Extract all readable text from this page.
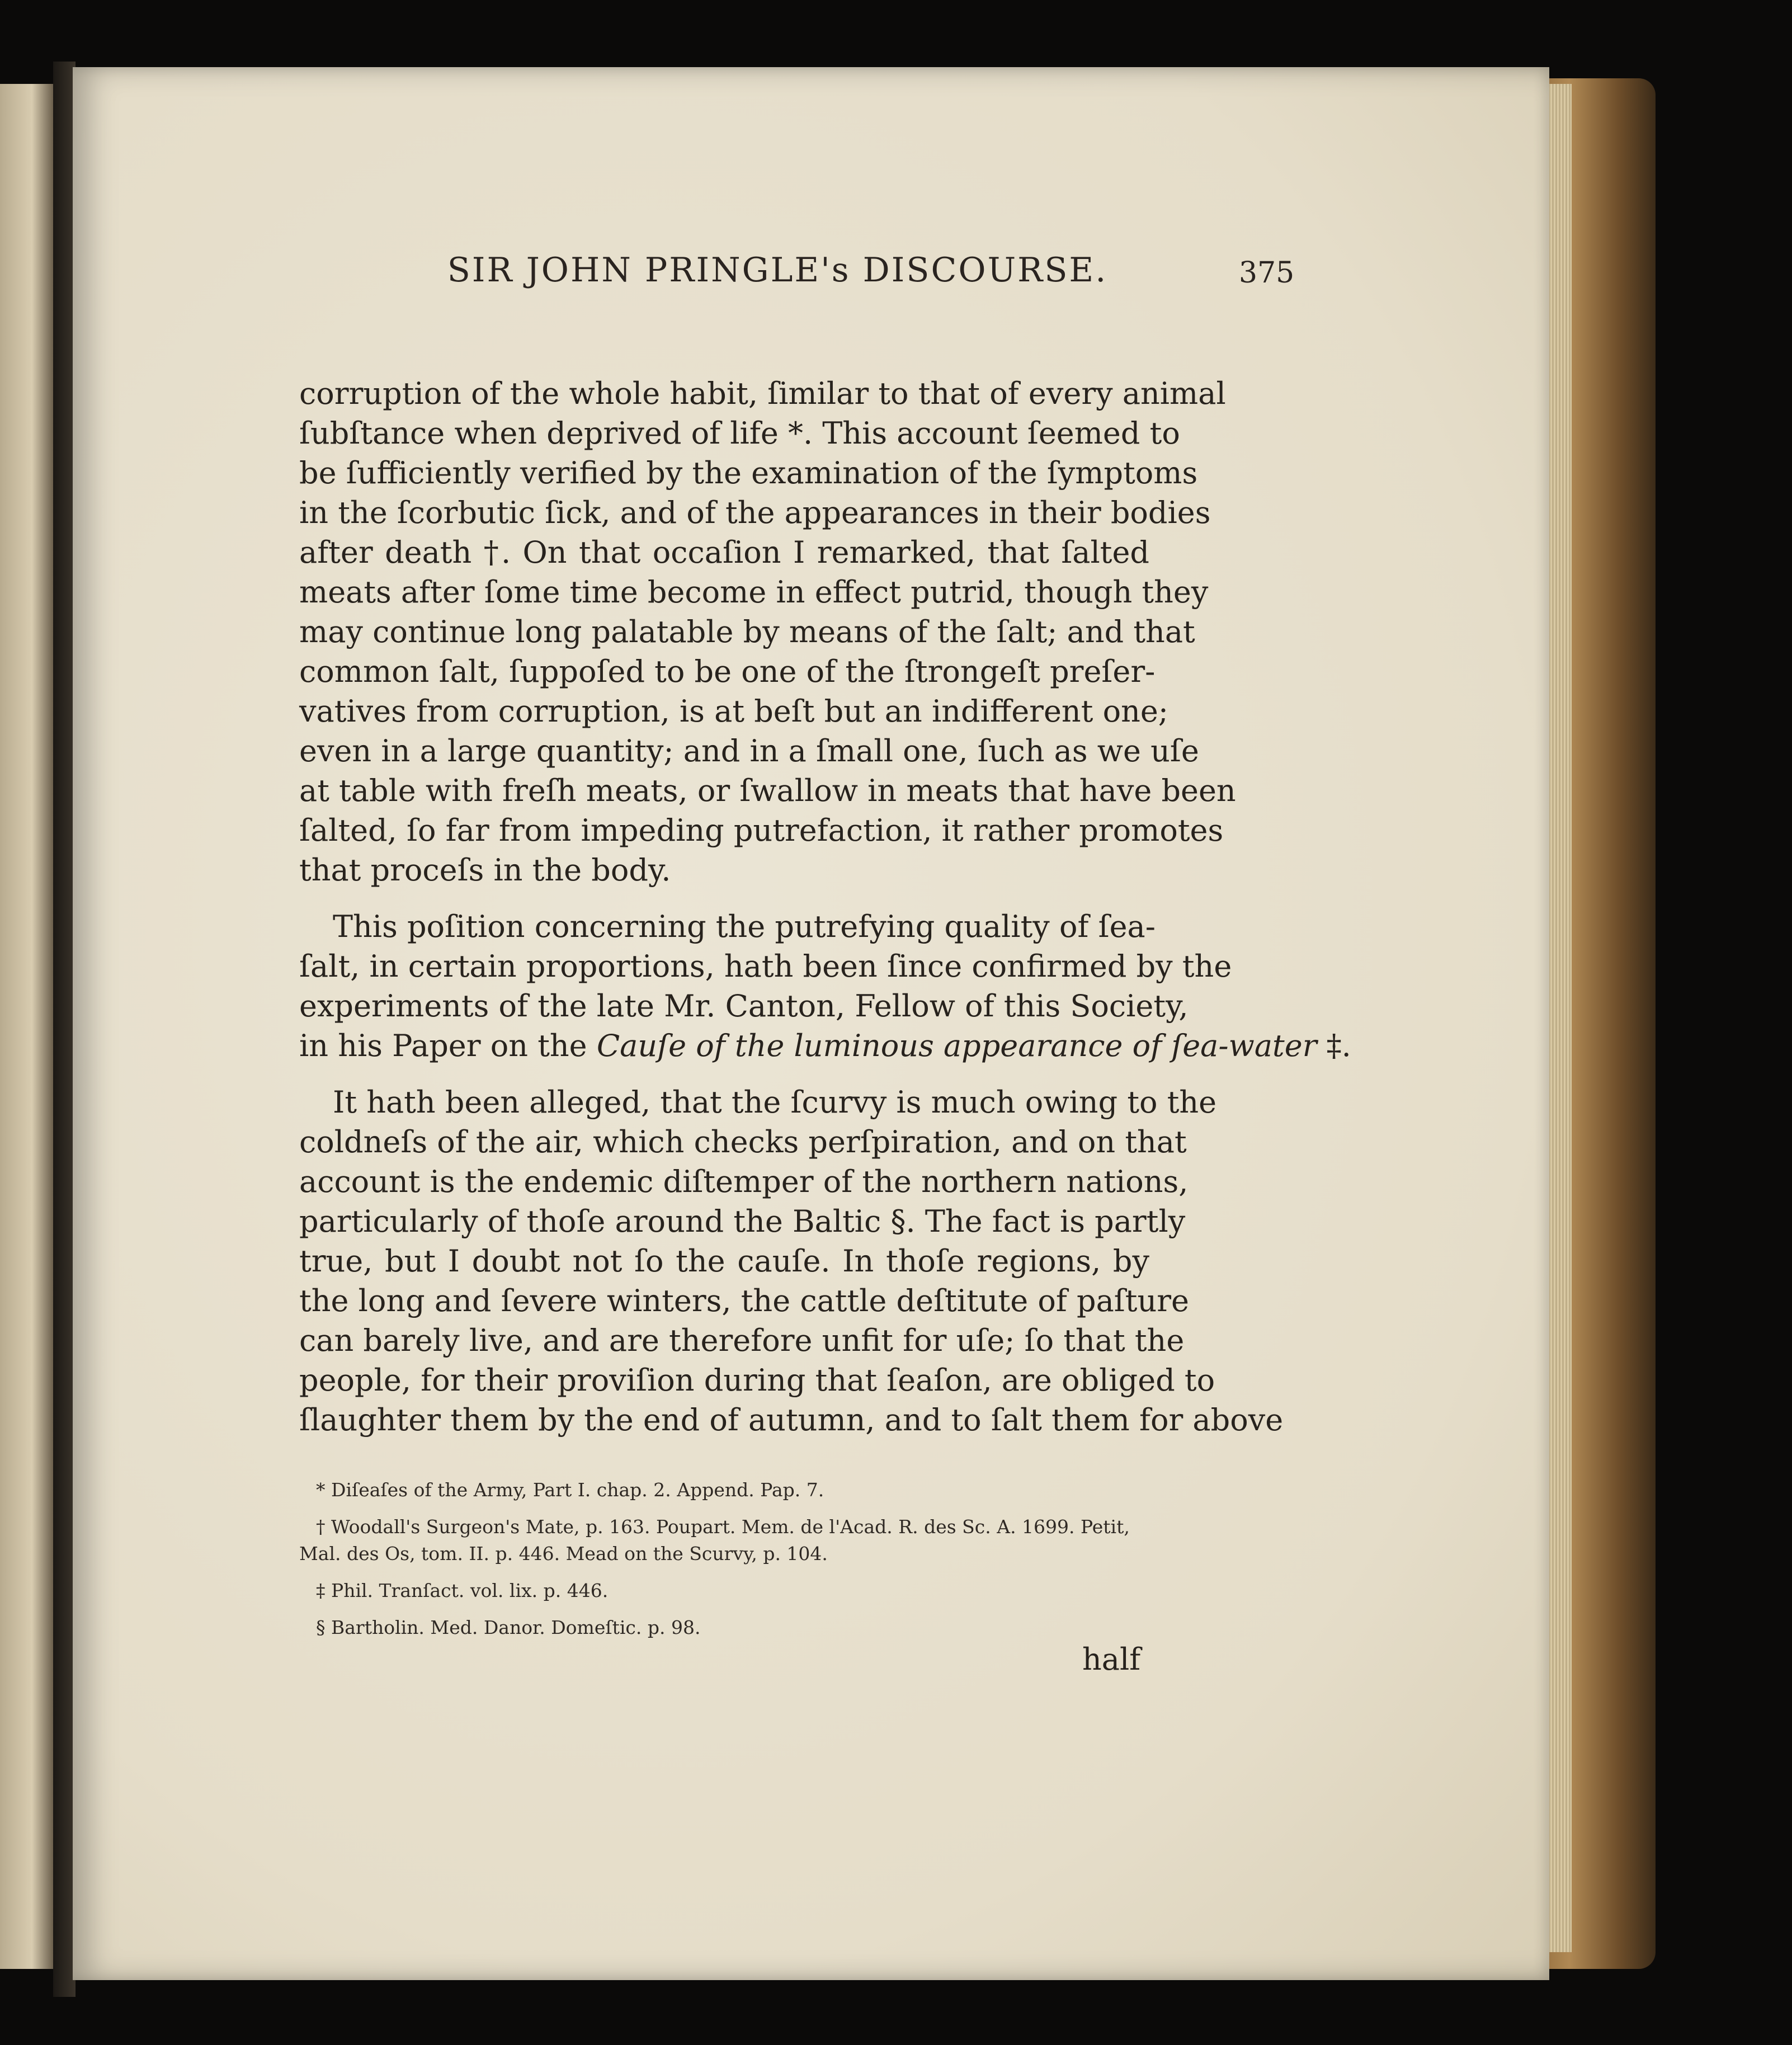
SIR JOHN PRINGLE's DISCOURSE.	375
corruption of the whole habit, ſimilar to that of every animal
ſubſtance when deprived of life *. This account ſeemed to
be ſufficiently verified by the examination of the ſymptoms
in the ſcorbutic ſick, and of the appearances in their bodies
after death †. On that occaſion I remarked, that ſalted
meats after ſome time become in effect putrid, though they
may continue long palatable by means of the ſalt; and that
common ſalt, ſuppoſed to be one of the ſtrongeſt preſer-
vatives from corruption, is at beſt but an indifferent one;
even in a large quantity; and in a ſmall one, ſuch as we uſe
at table with freſh meats, or ſwallow in meats that have been
ſalted, ſo far from impeding putrefaction, it rather promotes
that proceſs in the body.
This poſition concerning the putrefying quality of ſea-
ſalt, in certain proportions, hath been ſince confirmed by the
experiments of the late Mr. Canton, Fellow of this Society,
in his Paper on the Cauſe of the luminous appearance of ſea-water ‡.
It hath been alleged, that the ſcurvy is much owing to the
coldneſs of the air, which checks perſpiration, and on that
account is the endemic diſtemper of the northern nations,
particularly of thoſe around the Baltic §. The fact is partly
true, but I doubt not ſo the cauſe. In thoſe regions, by
the long and ſevere winters, the cattle deſtitute of paſture
can barely live, and are therefore unfit for uſe; ſo that the
people, for their proviſion during that ſeaſon, are obliged to
ſlaughter them by the end of autumn, and to ſalt them for above
* Diſeaſes of the Army, Part I. chap. 2. Append. Pap. 7.
† Woodall's Surgeon's Mate, p. 163. Poupart. Mem. de l'Acad. R. des Sc. A. 1699. Petit,
Mal. des Os, tom. II. p. 446. Mead on the Scurvy, p. 104.
‡ Phil. Tranſact. vol. lix. p. 446.
§ Bartholin. Med. Danor. Domeſtic. p. 98.
half
